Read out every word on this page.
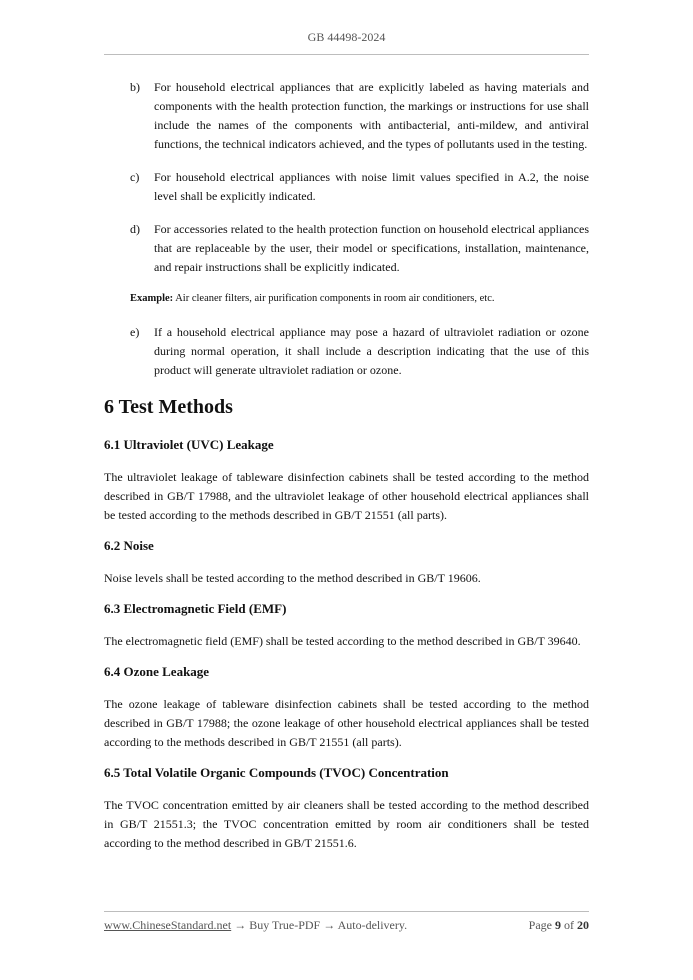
GB 44498-2024
b)	For household electrical appliances that are explicitly labeled as having materials and components with the health protection function, the markings or instructions for use shall include the names of the components with antibacterial, anti-mildew, and antiviral functions, the technical indicators achieved, and the types of pollutants used in the testing.
c)	For household electrical appliances with noise limit values specified in A.2, the noise level shall be explicitly indicated.
d)	For accessories related to the health protection function on household electrical appliances that are replaceable by the user, their model or specifications, installation, maintenance, and repair instructions shall be explicitly indicated.
Example: Air cleaner filters, air purification components in room air conditioners, etc.
e)	If a household electrical appliance may pose a hazard of ultraviolet radiation or ozone during normal operation, it shall include a description indicating that the use of this product will generate ultraviolet radiation or ozone.
6 Test Methods
6.1 Ultraviolet (UVC) Leakage

The ultraviolet leakage of tableware disinfection cabinets shall be tested according to the method described in GB/T 17988, and the ultraviolet leakage of other household electrical appliances shall be tested according to the methods described in GB/T 21551 (all parts).

6.2 Noise

Noise levels shall be tested according to the method described in GB/T 19606.

6.3 Electromagnetic Field (EMF)

The electromagnetic field (EMF) shall be tested according to the method described in GB/T 39640.

6.4 Ozone Leakage

The ozone leakage of tableware disinfection cabinets shall be tested according to the method described in GB/T 17988; the ozone leakage of other household electrical appliances shall be tested according to the methods described in GB/T 21551 (all parts).

6.5 Total Volatile Organic Compounds (TVOC) Concentration

The TVOC concentration emitted by air cleaners shall be tested according to the method described in GB/T 21551.3; the TVOC concentration emitted by room air conditioners shall be tested according to the method described in GB/T 21551.6.

www.ChineseStandard.net → Buy True-PDF → Auto-delivery.	Page 9 of 20
